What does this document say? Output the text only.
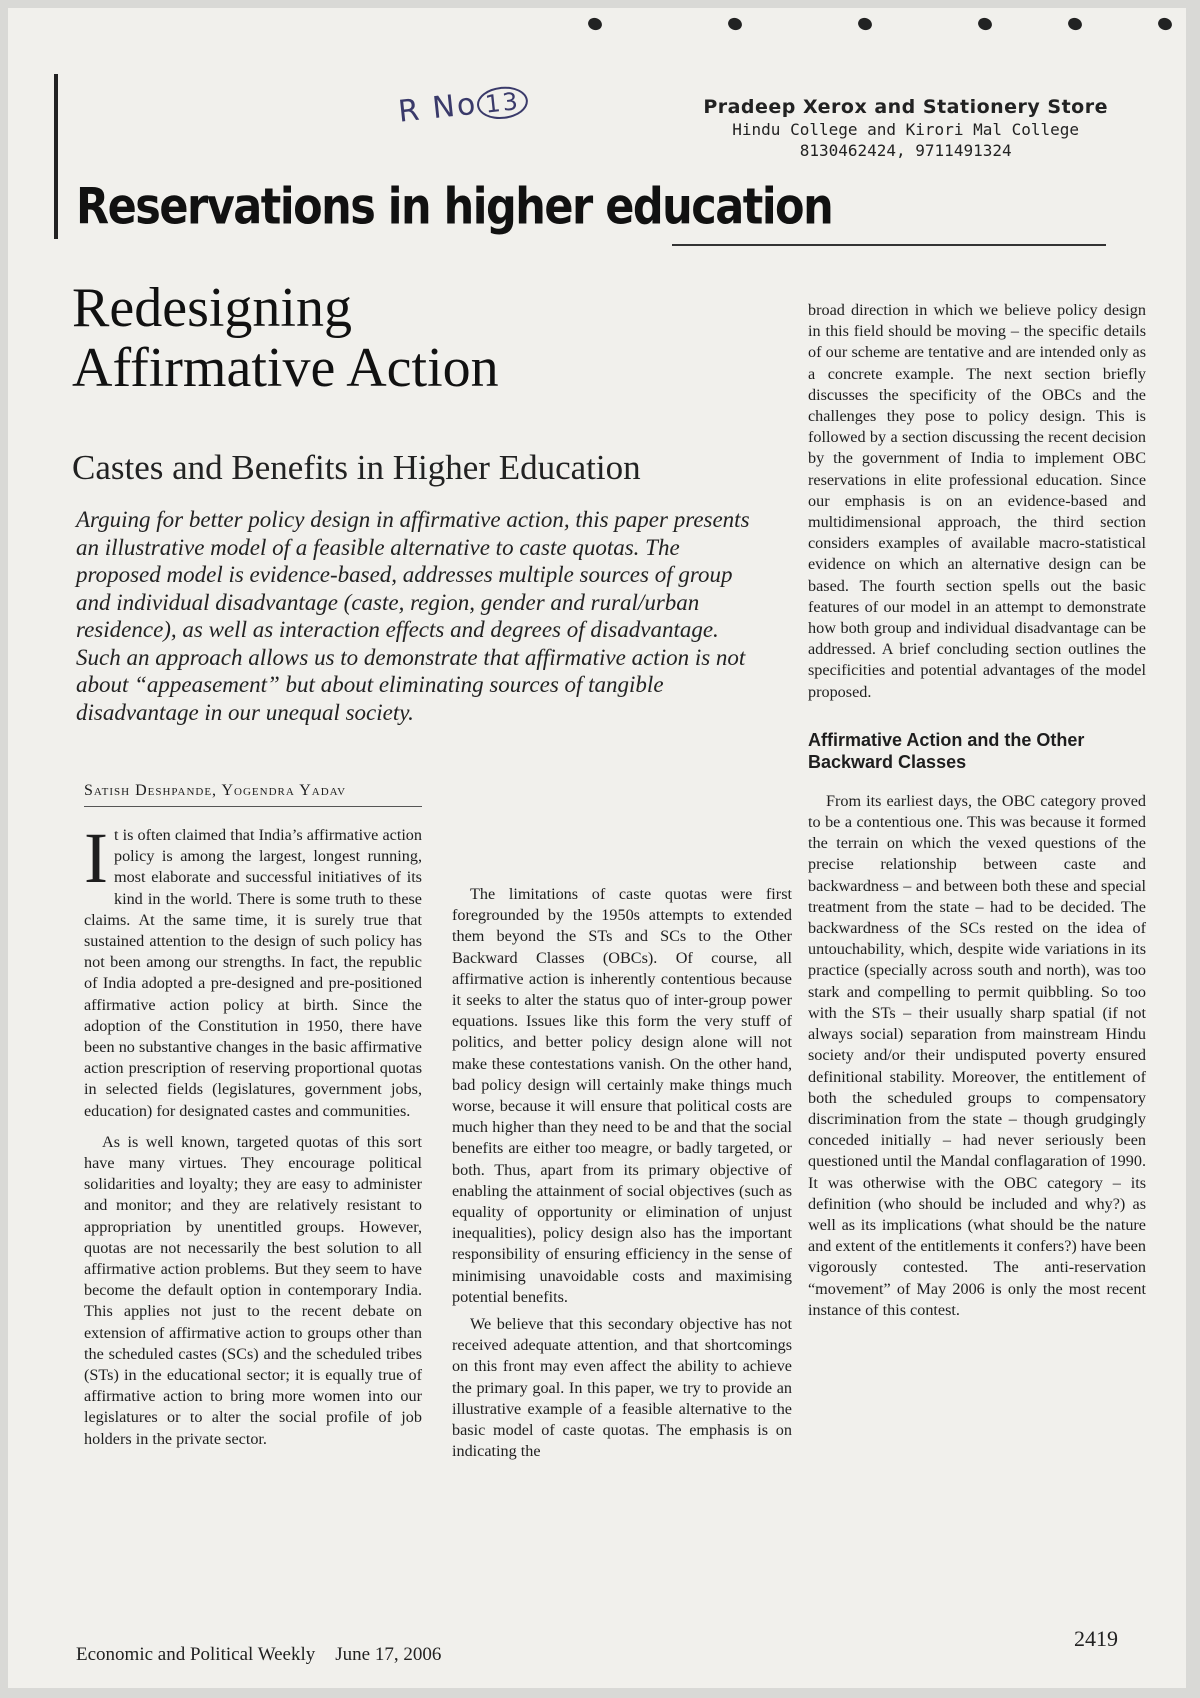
R No 13	Pradeep Xerox and Stationery Store
Hindu College and Kirori Mal College
8130462424, 9711491324
Reservations in higher education
Redesigning
Affirmative Action
Castes and Benefits in Higher Education
Arguing for better policy design in affirmative action, this paper presents an illustrative model of a feasible alternative to caste quotas. The proposed model is evidence-based, addresses multiple sources of group and individual disadvantage (caste, region, gender and rural/urban residence), as well as interaction effects and degrees of disadvantage. Such an approach allows us to demonstrate that affirmative action is not about “appeasement” but about eliminating sources of tangible disadvantage in our unequal society.
Satish Deshpande, Yogendra Yadav

It is often claimed that India’s affirmative action policy is among the largest, longest running, most elaborate and successful initiatives of its kind in the world. There is some truth to these claims. At the same time, it is surely true that sustained attention to the design of such policy has not been among our strengths. In fact, the republic of India adopted a pre-designed and pre-positioned affirmative action policy at birth. Since the adoption of the Constitution in 1950, there have been no substantive changes in the basic affirmative action prescription of reserving proportional quotas in selected fields (legislatures, government jobs, education) for designated castes and communities.

As is well known, targeted quotas of this sort have many virtues. They encourage political solidarities and loyalty; they are easy to administer and monitor; and they are relatively resistant to appropriation by unentitled groups. However, quotas are not necessarily the best solution to all affirmative action problems. But they seem to have become the default option in contemporary India. This applies not just to the recent debate on extension of affirmative action to groups other than the scheduled castes (SCs) and the scheduled tribes (STs) in the educational sector; it is equally true of affirmative action to bring more women into our legislatures or to alter the social profile of job holders in the private sector.

The limitations of caste quotas were first foregrounded by the 1950s attempts to extended them beyond the STs and SCs to the Other Backward Classes (OBCs). Of course, all affirmative action is inherently contentious because it seeks to alter the status quo of inter-group power equations. Issues like this form the very stuff of politics, and better policy design alone will not make these contestations vanish. On the other hand, bad policy design will certainly make things much worse, because it will ensure that political costs are much higher than they need to be and that the social benefits are either too meagre, or badly targeted, or both. Thus, apart from its primary objective of enabling the attainment of social objectives (such as equality of opportunity or elimination of unjust inequalities), policy design also has the important responsibility of ensuring efficiency in the sense of minimising unavoidable costs and maximising potential benefits.

We believe that this secondary objective has not received adequate attention, and that shortcomings on this front may even affect the ability to achieve the primary goal. In this paper, we try to provide an illustrative example of a feasible alternative to the basic model of caste quotas. The emphasis is on indicating the

broad direction in which we believe policy design in this field should be moving – the specific details of our scheme are tentative and are intended only as a concrete example. The next section briefly discusses the specificity of the OBCs and the challenges they pose to policy design. This is followed by a section discussing the recent decision by the government of India to implement OBC reservations in elite professional education. Since our emphasis is on an evidence-based and multidimensional approach, the third section considers examples of available macro-statistical evidence on which an alternative design can be based. The fourth section spells out the basic features of our model in an attempt to demonstrate how both group and individual disadvantage can be addressed. A brief concluding section outlines the specificities and potential advantages of the model proposed.

Affirmative Action and the Other Backward Classes

From its earliest days, the OBC category proved to be a contentious one. This was because it formed the terrain on which the vexed questions of the precise relationship between caste and backwardness – and between both these and special treatment from the state – had to be decided. The backwardness of the SCs rested on the idea of untouchability, which, despite wide variations in its practice (specially across south and north), was too stark and compelling to permit quibbling. So too with the STs – their usually sharp spatial (if not always social) separation from mainstream Hindu society and/or their undisputed poverty ensured definitional stability. Moreover, the entitlement of both the scheduled groups to compensatory discrimination from the state – though grudgingly conceded initially – had never seriously been questioned until the Mandal conflagaration of 1990. It was otherwise with the OBC category – its definition (who should be included and why?) as well as its implications (what should be the nature and extent of the entitlements it confers?) have been vigorously contested. The anti-reservation “movement” of May 2006 is only the most recent instance of this contest.

Economic and Political Weekly June 17, 2006
2419
